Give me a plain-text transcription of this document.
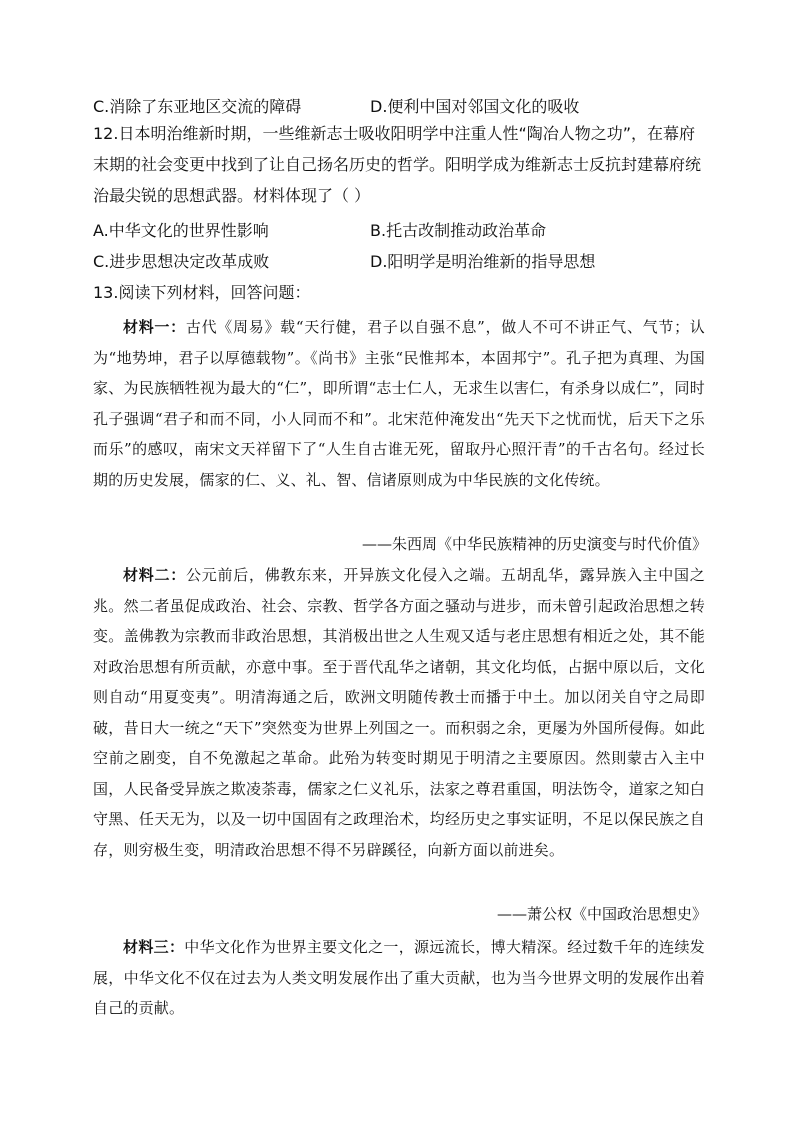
C.消除了东亚地区交流的障碍	D.便利中国对邻国文化的吸收
12.日本明治维新时期，一些维新志士吸收阳明学中注重人性“陶冶人物之功”，在幕府末期的社会变更中找到了让自己扬名历史的哲学。阳明学成为维新志士反抗封建幕府统治最尖锐的思想武器。材料体现了（ ）
A.中华文化的世界性影响	B.托古改制推动政治革命
C.进步思想决定改革成败	D.阳明学是明治维新的指导思想
13.阅读下列材料，回答问题：
材料一：古代《周易》载“天行健，君子以自强不息”，做人不可不讲正气、气节；认为“地势坤，君子以厚德载物”。《尚书》主张“民惟邦本，本固邦宁”。孔子把为真理、为国家、为民族牺牲视为最大的“仁”，即所谓“志士仁人，无求生以害仁，有杀身以成仁”，同时孔子强调“君子和而不同，小人同而不和”。北宋范仲淹发出“先天下之忧而忧，后天下之乐而乐”的感叹，南宋文天祥留下了“人生自古谁无死，留取丹心照汗青”的千古名句。经过长期的历史发展，儒家的仁、义、礼、智、信诸原则成为中华民族的文化传统。
——朱西周《中华民族精神的历史演变与时代价值》
材料二：公元前后，佛教东来，开异族文化侵入之端。五胡乱华，露异族入主中国之兆。然二者虽促成政治、社会、宗教、哲学各方面之骚动与进步，而未曾引起政治思想之转变。盖佛教为宗教而非政治思想，其消极出世之人生观又适与老庄思想有相近之处，其不能对政治思想有所贡献，亦意中事。至于晋代乱华之诸朝，其文化均低，占据中原以后，文化则自动“用夏变夷”。明清海通之后，欧洲文明随传教士而播于中土。加以闭关自守之局即破，昔日大一统之“天下”突然变为世界上列国之一。而积弱之余，更屡为外国所侵侮。如此空前之剧变，自不免激起之革命。此殆为转变时期见于明清之主要原因。然則蒙古入主中国，人民备受异族之欺凌荼毒，儒家之仁义礼乐，法家之尊君重国，明法饬令，道家之知白守黑、任天无为，以及一切中国固有之政理治术，均经历史之事实证明，不足以保民族之自存，则穷极生变，明清政治思想不得不另辟蹊径，向新方面以前进矣。
——萧公权《中国政治思想史》
材料三：中华文化作为世界主要文化之一，源远流长，博大精深。经过数千年的连续发展，中华文化不仅在过去为人类文明发展作出了重大贡献，也为当今世界文明的发展作出着自己的贡献。
